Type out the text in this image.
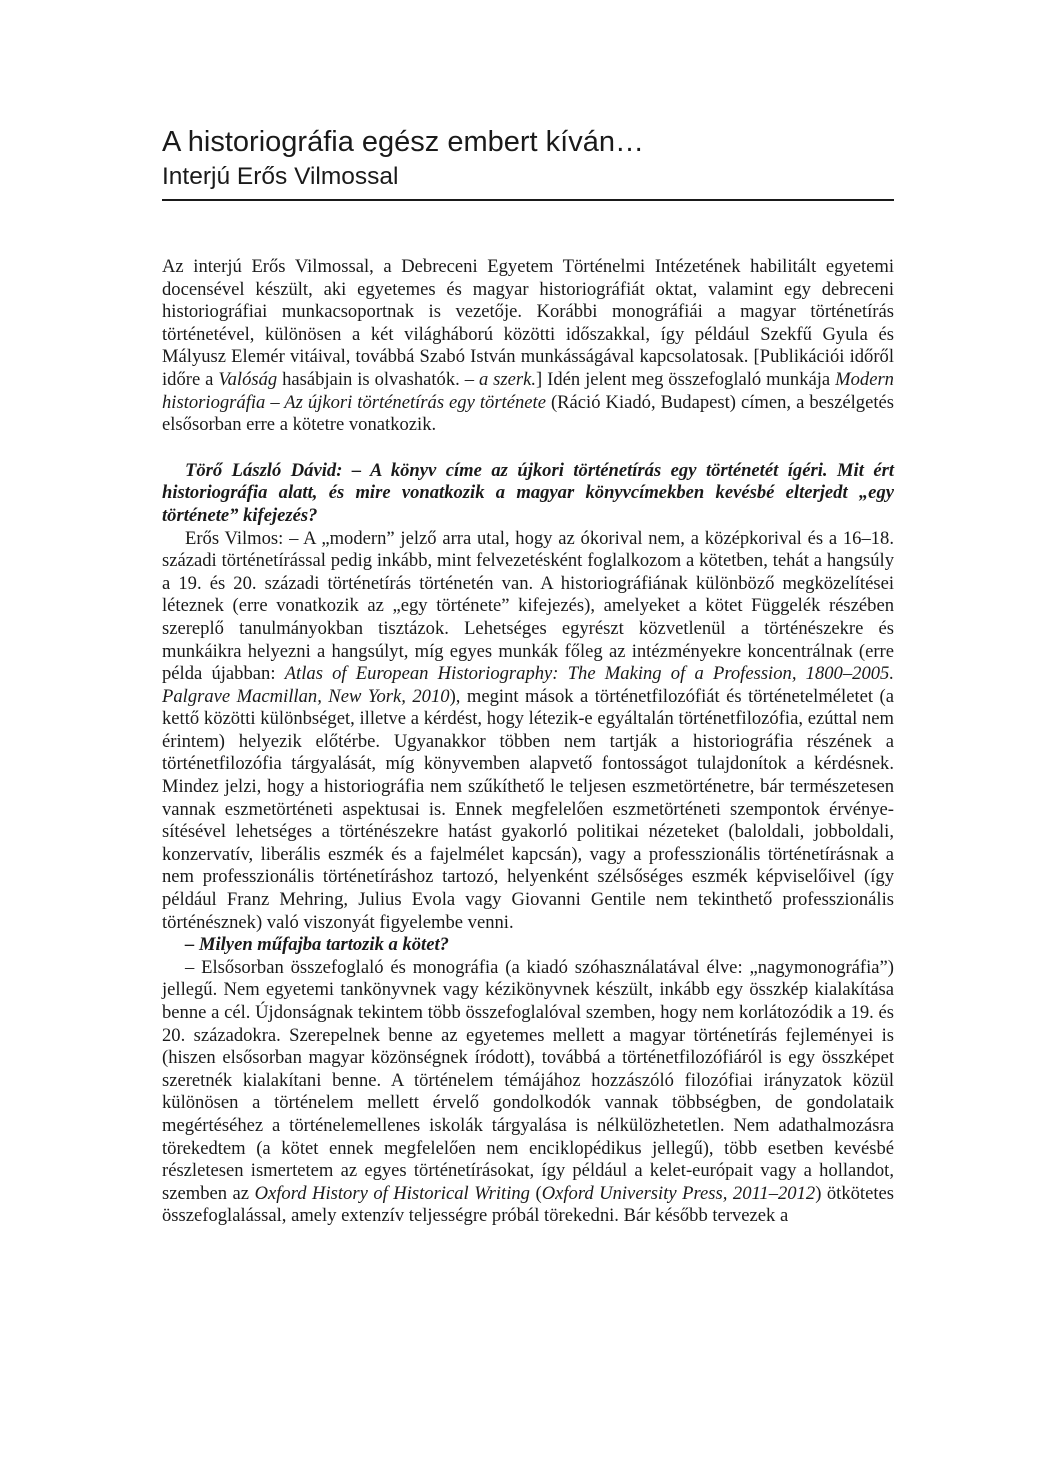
A historiográfia egész embert kíván…
Interjú Erős Vilmossal

Az interjú Erős Vilmossal, a Debreceni Egyetem Történelmi Intézetének habilitált egyetemi docensével készült, aki egyetemes és magyar historiográfiát oktat, valamint egy debreceni historiográfiai munkacsoportnak is vezetője. Korábbi monográfiái a magyar történetírás történetével, különösen a két világháború közötti időszakkal, így például Szekfű Gyula és Mályusz Elemér vitáival, továbbá Szabó István munkásságával kapcsolatosak. [Publikációi időről időre a Valóság hasábjain is olvashatók. – a szerk.] Idén jelent meg összefoglaló munkája Modern historiográfia – Az újkori történetírás egy története (Ráció Kiadó, Budapest) címen, a beszélgetés elsősorban erre a kötetre vonatkozik.

Törő László Dávid: – A könyv címe az újkori történetírás egy történetét ígéri. Mit ért historiográfia alatt, és mire vonatkozik a magyar könyvcímekben kevésbé elterjedt „egy története” kifejezés?

Erős Vilmos: – A „modern” jelző arra utal, hogy az ókorival nem, a középkorival és a 16–18. századi történetírással pedig inkább, mint felvezetésként foglalkozom a kötetben, tehát a hangsúly a 19. és 20. századi történetírás történetén van. A historiográfiának különböző megközelítései léteznek (erre vonatkozik az „egy története” kifejezés), amelyeket a kötet Függelék részében szereplő tanulmányokban tisztázok. Lehetséges egyrészt közvetlenül a történészekre és munkáikra helyezni a hangsúlyt, míg egyes munkák főleg az intézményekre koncentrálnak (erre példa újabban: Atlas of European Historiography: The Making of a Profession, 1800–2005. Palgrave Macmillan, New York, 2010), megint mások a történetfilozófiát és történetelméletet (a kettő közötti különbséget, illetve a kérdést, hogy létezik-e egyáltalán történetfilozófia, ezúttal nem érintem) helyezik előtérbe. Ugyanakkor többen nem tartják a historiográfia részének a történetfilozófia tárgyalását, míg könyvemben alapvető fontosságot tulajdonítok a kérdésnek. Mindez jelzi, hogy a historiográfia nem szűkíthető le teljesen eszmetörténetre, bár természetesen vannak eszmetörténeti aspektusai is. Ennek megfelelően eszmetörténeti szempontok érvényesítésével lehetséges a történészekre hatást gyakorló politikai nézeteket (baloldali, jobboldali, konzervatív, liberális eszmék és a fajelmélet kapcsán), vagy a professzionális történetírásnak a nem professzionális történetíráshoz tartozó, helyenként szélsőséges eszmék képviselőivel (így például Franz Mehring, Julius Evola vagy Giovanni Gentile nem tekinthető professzionális történésznek) való viszonyát figyelembe venni.

– Milyen műfajba tartozik a kötet?

– Elsősorban összefoglaló és monográfia (a kiadó szóhasználatával élve: „nagymonográfia”) jellegű. Nem egyetemi tankönyvnek vagy kézikönyvnek készült, inkább egy összkép kialakítása benne a cél. Újdonságnak tekintem több összefoglalóval szemben, hogy nem korlátozódik a 19. és 20. századokra. Szerepelnek benne az egyetemes mellett a magyar történetírás fejleményei is (hiszen elsősorban magyar közönségnek íródott), továbbá a történetfilozófiáról is egy összképet szeretnék kialakítani benne. A történelem témájához hozzászóló filozófiai irányzatok közül különösen a történelem mellett érvelő gondolkodók vannak többségben, de gondolataik megértéséhez a történelemellenes iskolák tárgyalása is nélkülözhetetlen. Nem adathalmozásra törekedtem (a kötet ennek megfelelően nem enciklopédikus jellegű), több esetben kevésbé részletesen ismertetem az egyes történetírásokat, így például a kelet-európait vagy a hollandot, szemben az Oxford History of Historical Writing (Oxford University Press, 2011–2012) ötkötetes összefoglalással, amely extenzív teljességre próbál törekedni. Bár később tervezek a
